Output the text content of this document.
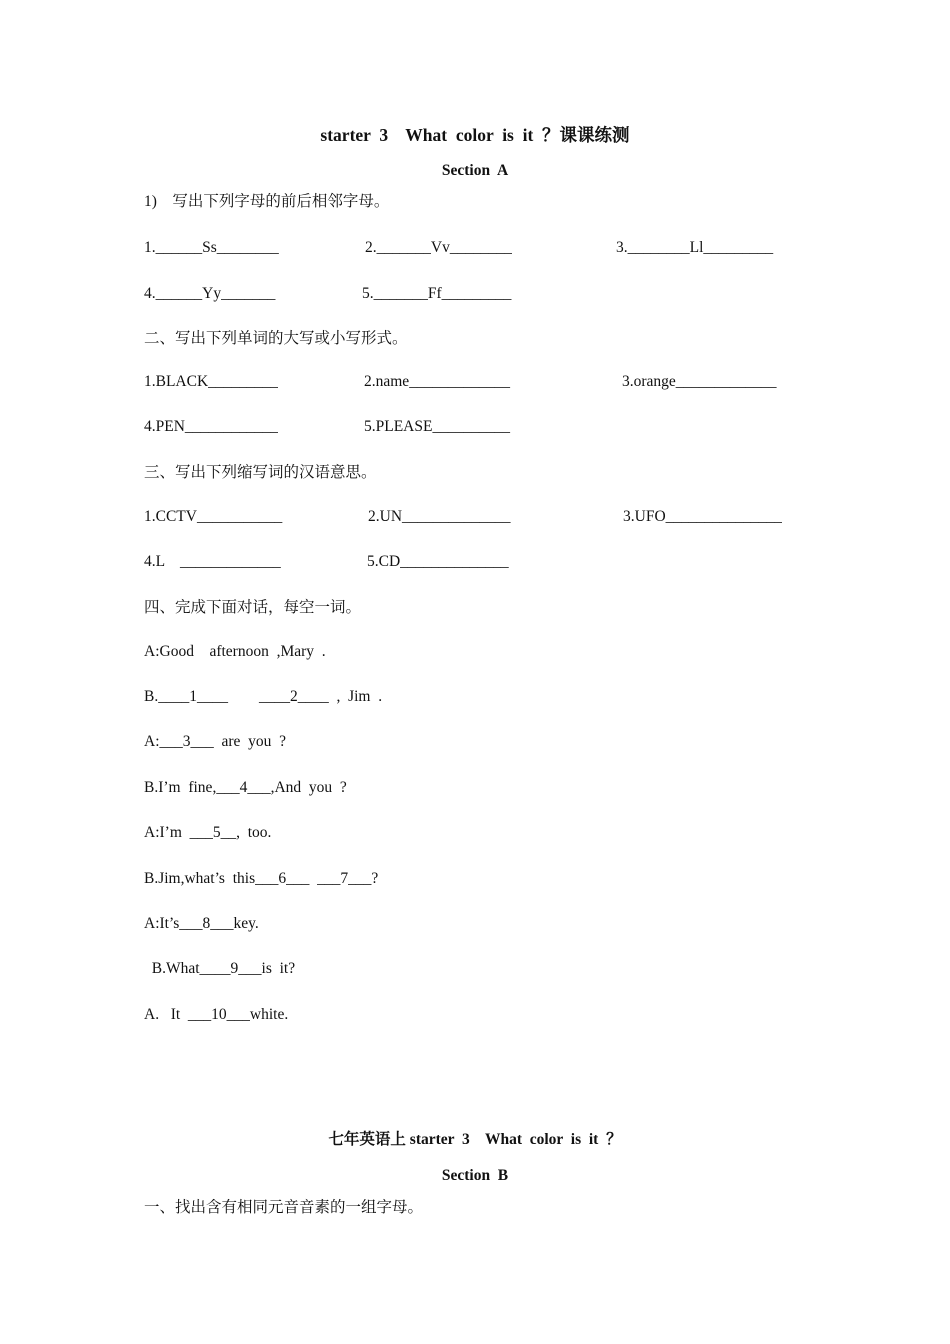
starter  3    What  color  is  it  ？课课练测
Section  A
1)    写出下列字母的前后相邻字母。
1.______Ss________	2._______Vv________	3.________Ll_________
4.______Yy_______	5._______Ff_________
二、写出下列单词的大写或小写形式。
1.BLACK_________	2.name_____________	3.orange_____________
4.PEN____________	5.PLEASE__________
三、写出下列缩写词的汉语意思。
1.CCTV___________	2.UN______________	3.UFO_______________
4.L    _____________	5.CD______________
四、完成下面对话，每空一词。
A:Good    afternoon  ,Mary  .
B.____1____        ____2____  ,  Jim  .
A:___3___  are  you  ?
B.I’m  fine,___4___,And  you  ?
A:I’m  ___5__,  too.
B.Jim,what’s  this___6___  ___7___?
A:It’s___8___key.
B.What____9___is  it?
A.   It  ___10___white.
七年英语上 starter  3    What  color  is  it  ？
Section  B
一、找出含有相同元音音素的一组字母。
